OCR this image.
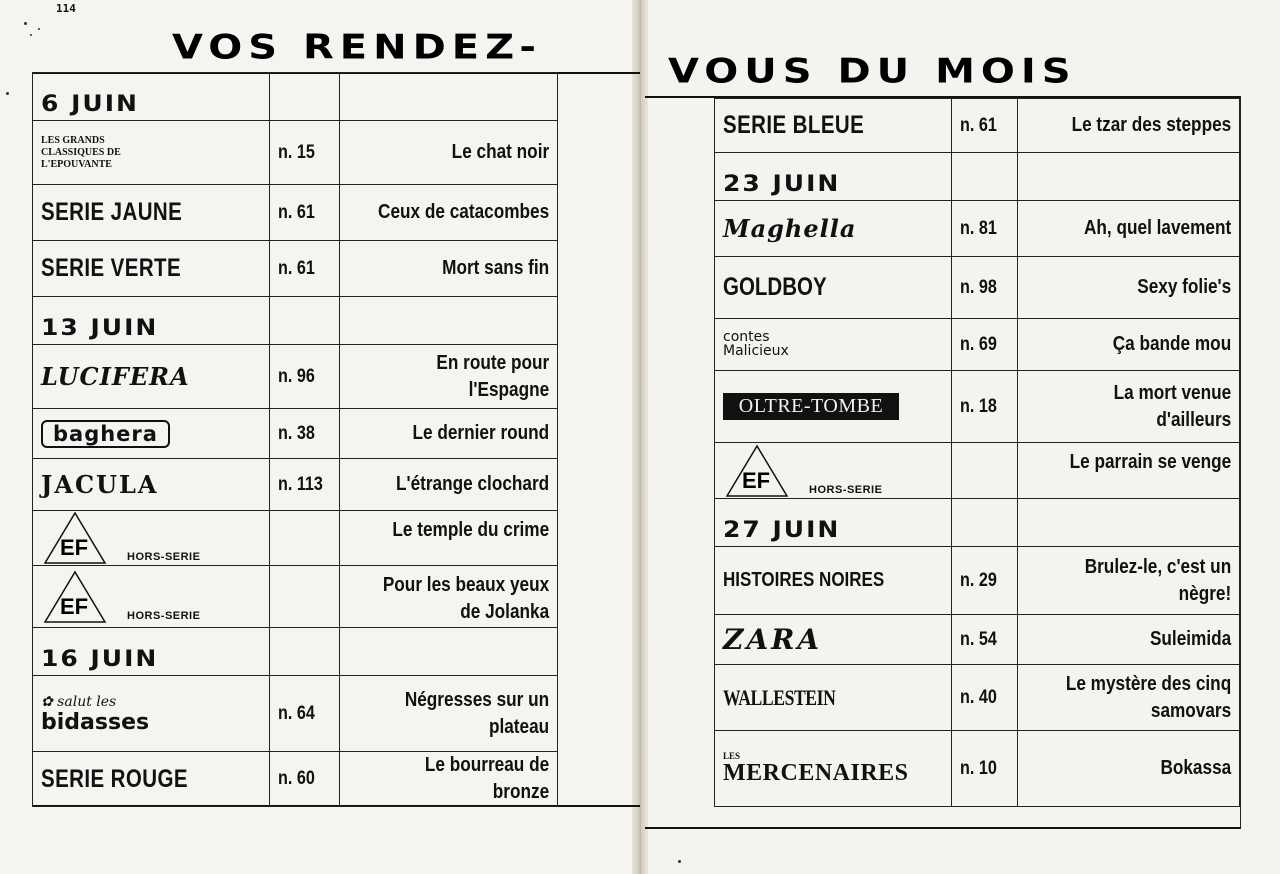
114
VOS RENDEZ-
VOUS DU MOIS
6 JUIN		

LES GRANDS CLASSIQUES DE L'EPOUVANTE	n. 15	Le chat noir

SERIE JAUNE	n. 61	Ceux de catacombes

SERIE VERTE	n. 61	Mort sans fin

13 JUIN		
LUCIFERA	n. 96	En route pour l'Espagne

baghera	n. 38	Le dernier round

JACULA	n. 113	L'étrange clochard

EF HORS-SERIE		Le temple du crime

EF HORS-SERIE		Pour les beaux yeux de Jolanka

16 JUIN		

✿ salut les
bidasses	n. 64	Négresses sur un plateau

SERIE ROUGE	n. 60	Le bourreau de bronze
SERIE BLEUE	n. 61	Le tzar des steppes

23 JUIN		
Maghella	n. 81	Ah, quel lavement

GOLDBOY	n. 98	Sexy folie's

contes Malicieux	n. 69	Ça bande mou

OLTRE-TOMBE	n. 18	La mort venue d'ailleurs

EF HORS-SERIE		Le parrain se venge

27 JUIN		
HISTOIRES NOIRES	n. 29	Brulez-le, c'est un nègre!

ZARA	n. 54	Suleimida

WALLESTEIN	n. 40	Le mystère des cinq samovars

LES
MERCENAIRES	n. 10	Bokassa
